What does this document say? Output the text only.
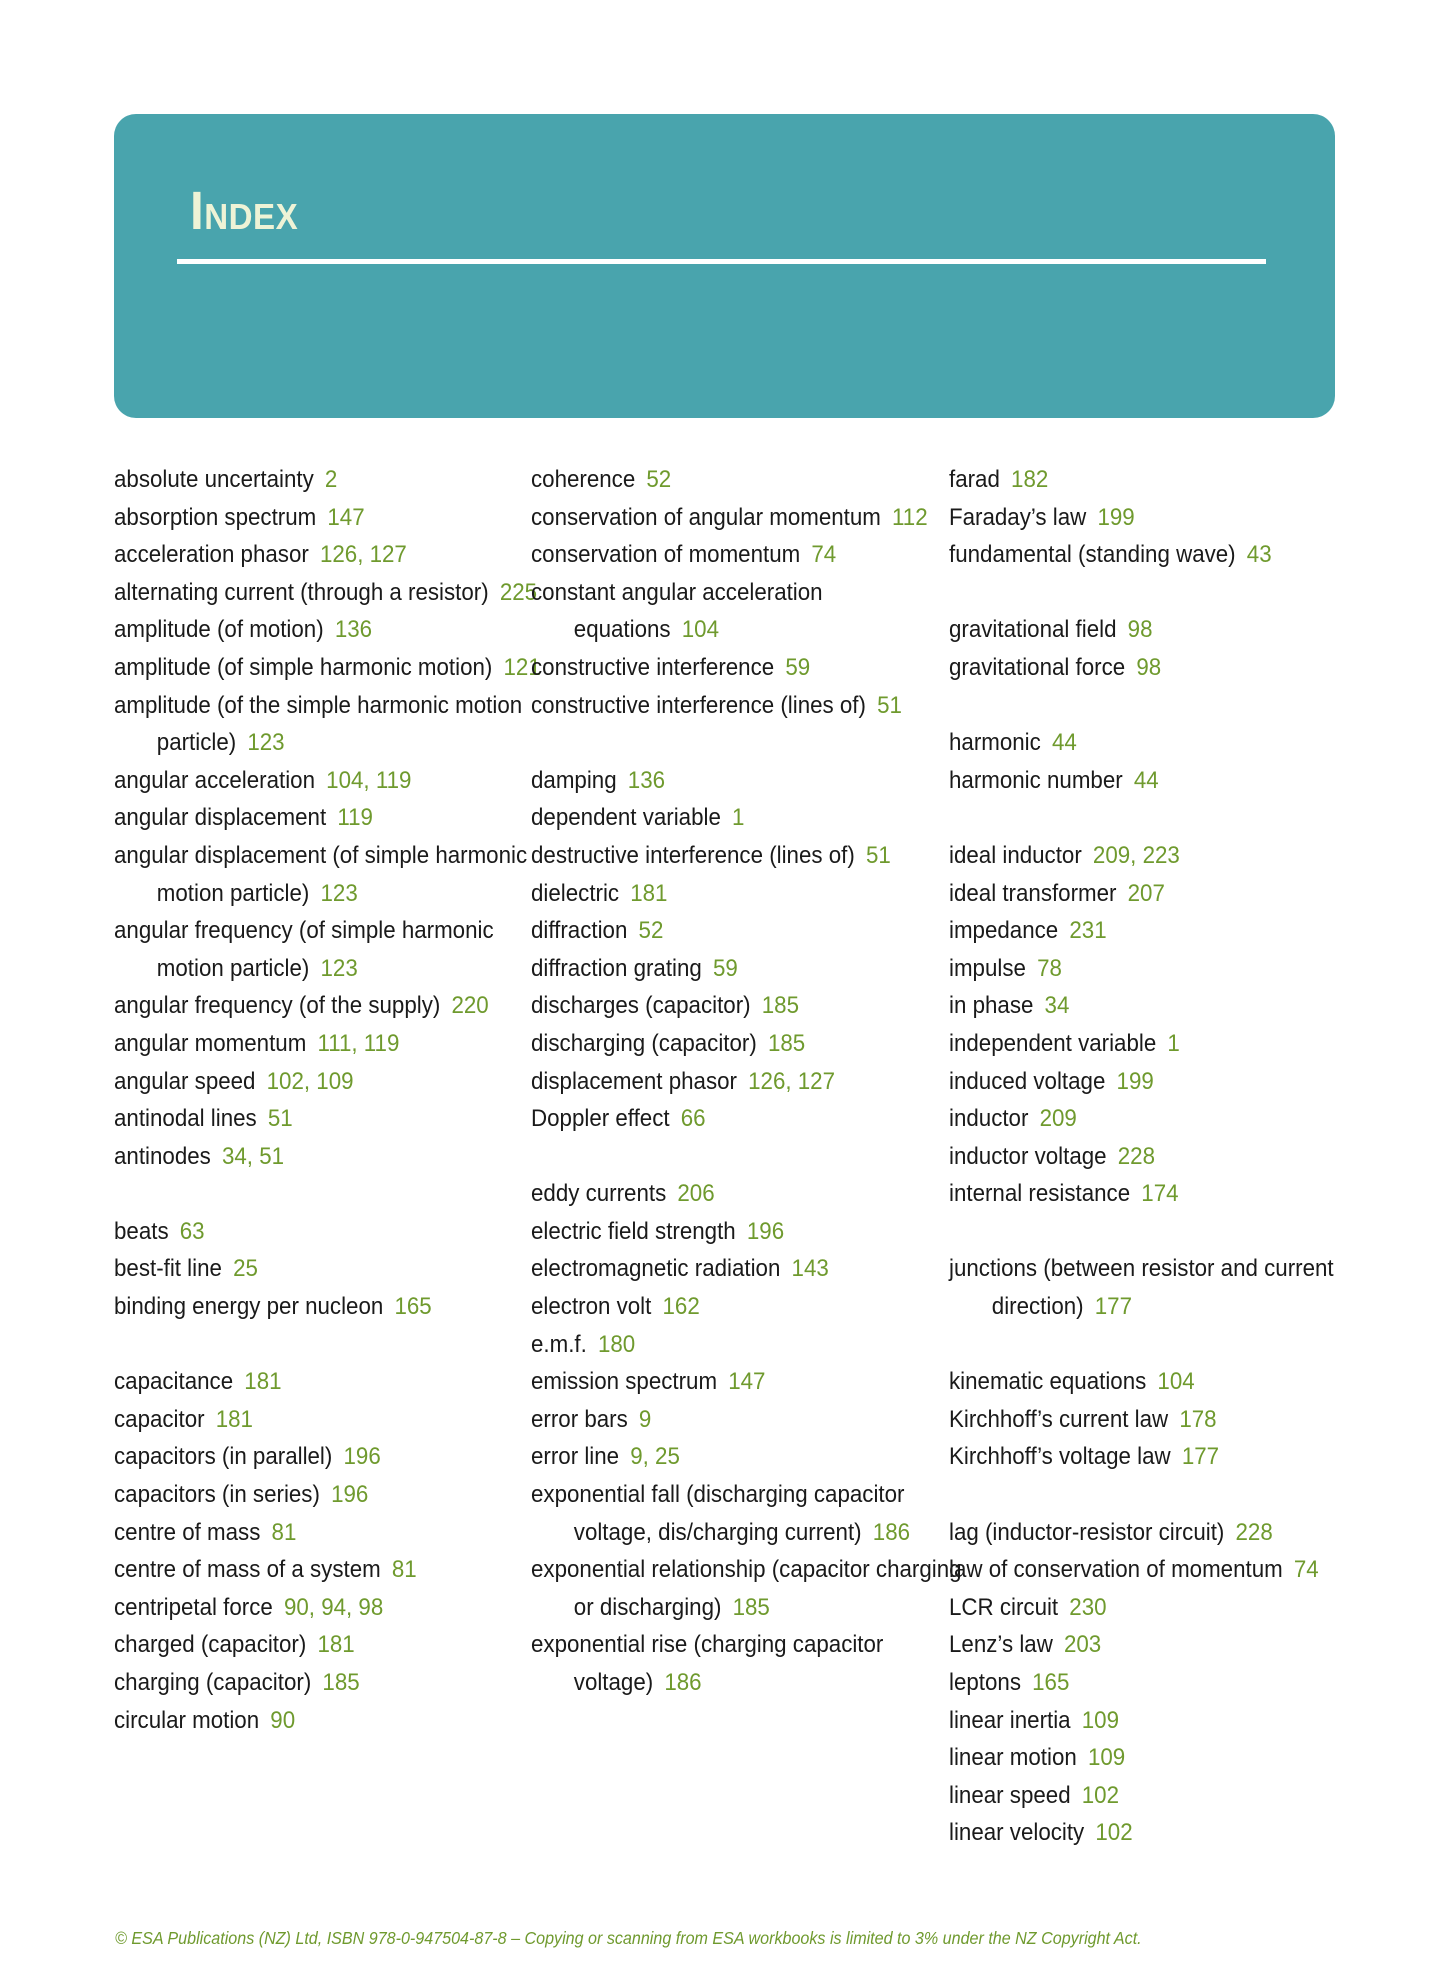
INDEX
absolute uncertainty 2
absorption spectrum 147
acceleration phasor 126, 127
alternating current (through a resistor) 225
amplitude (of motion) 136
amplitude (of simple harmonic motion) 121
amplitude (of the simple harmonic motion particle) 123
angular acceleration 104, 119
angular displacement 119
angular displacement (of simple harmonic motion particle) 123
angular frequency (of simple harmonic motion particle) 123
angular frequency (of the supply) 220
angular momentum 111, 119
angular speed 102, 109
antinodal lines 51
antinodes 34, 51
beats 63
best-fit line 25
binding energy per nucleon 165
capacitance 181
capacitor 181
capacitors (in parallel) 196
capacitors (in series) 196
centre of mass 81
centre of mass of a system 81
centripetal force 90, 94, 98
charged (capacitor) 181
charging (capacitor) 185
circular motion 90
coherence 52
conservation of angular momentum 112
conservation of momentum 74
constant angular acceleration equations 104
constructive interference 59
constructive interference (lines of) 51
damping 136
dependent variable 1
destructive interference (lines of) 51
dielectric 181
diffraction 52
diffraction grating 59
discharges (capacitor) 185
discharging (capacitor) 185
displacement phasor 126, 127
Doppler effect 66
eddy currents 206
electric field strength 196
electromagnetic radiation 143
electron volt 162
e.m.f. 180
emission spectrum 147
error bars 9
error line 9, 25
exponential fall (discharging capacitor voltage, dis/charging current) 186
exponential relationship (capacitor charging or discharging) 185
exponential rise (charging capacitor voltage) 186
farad 182
Faraday’s law 199
fundamental (standing wave) 43
gravitational field 98
gravitational force 98
harmonic 44
harmonic number 44
ideal inductor 209, 223
ideal transformer 207
impedance 231
impulse 78
in phase 34
independent variable 1
induced voltage 199
inductor 209
inductor voltage 228
internal resistance 174
junctions (between resistor and current direction) 177
kinematic equations 104
Kirchhoff’s current law 178
Kirchhoff’s voltage law 177
lag (inductor-resistor circuit) 228
law of conservation of momentum 74
LCR circuit 230
Lenz’s law 203
leptons 165
linear inertia 109
linear motion 109
linear speed 102
linear velocity 102
© ESA Publications (NZ) Ltd, ISBN 978-0-947504-87-8 – Copying or scanning from ESA workbooks is limited to 3% under the NZ Copyright Act.
